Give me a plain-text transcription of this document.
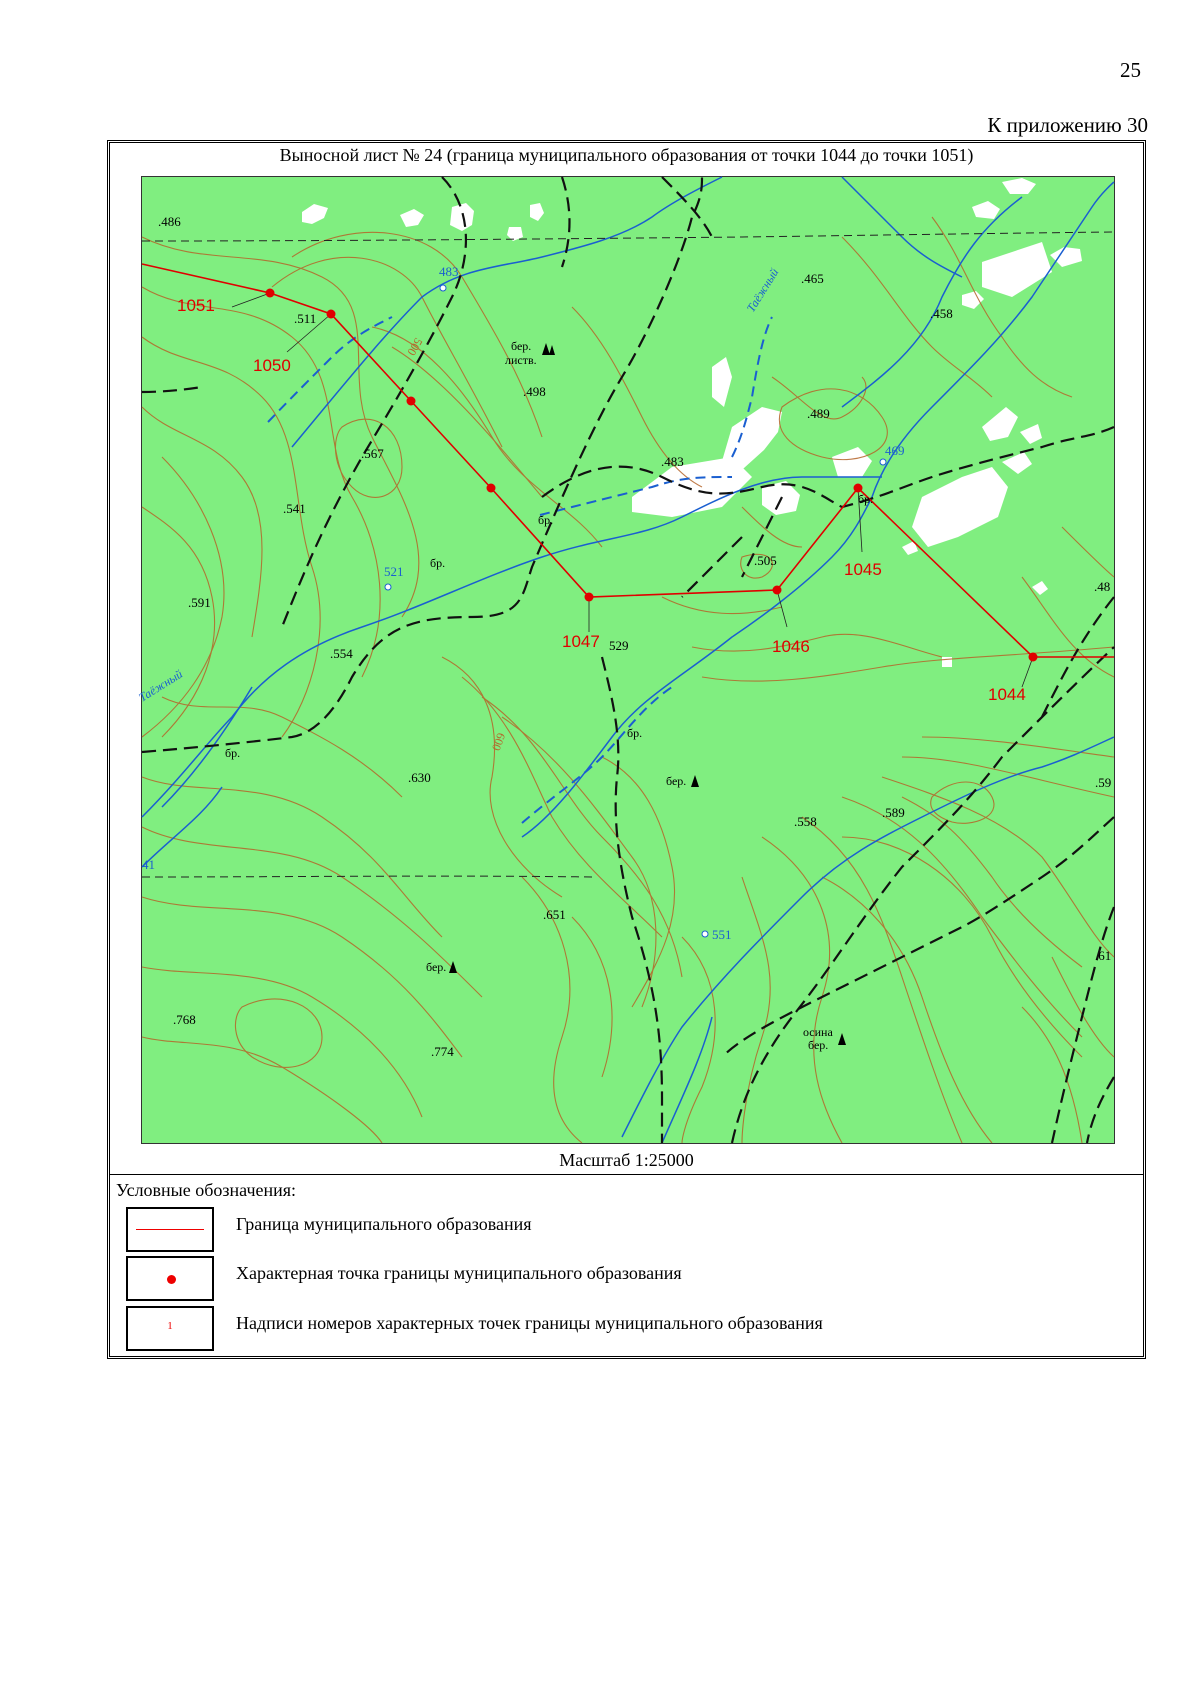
25
К приложению 30
Выносной лист № 24 (граница муниципального образования от точки 1044 до точки 1051)
1044
1045
1046
1047
1050
1051
.486
.511
.465
.458
.498
.489
.567
.483
.541
.505
.591
.554
529
.630
.558
.589
.651
.768
.774
.48
.59
.61
483
469
521
551
41
Таёжный
Таёжный
500
600
бер.
листв.
бр.
бр.
бр.
бр.
бр.
бер.
бер.
осина
бер.
Масштаб 1:25000
Условные обозначения:
Граница муниципального образования
Характерная точка границы муниципального образования
1	Надписи номеров характерных точек границы муниципального образования
